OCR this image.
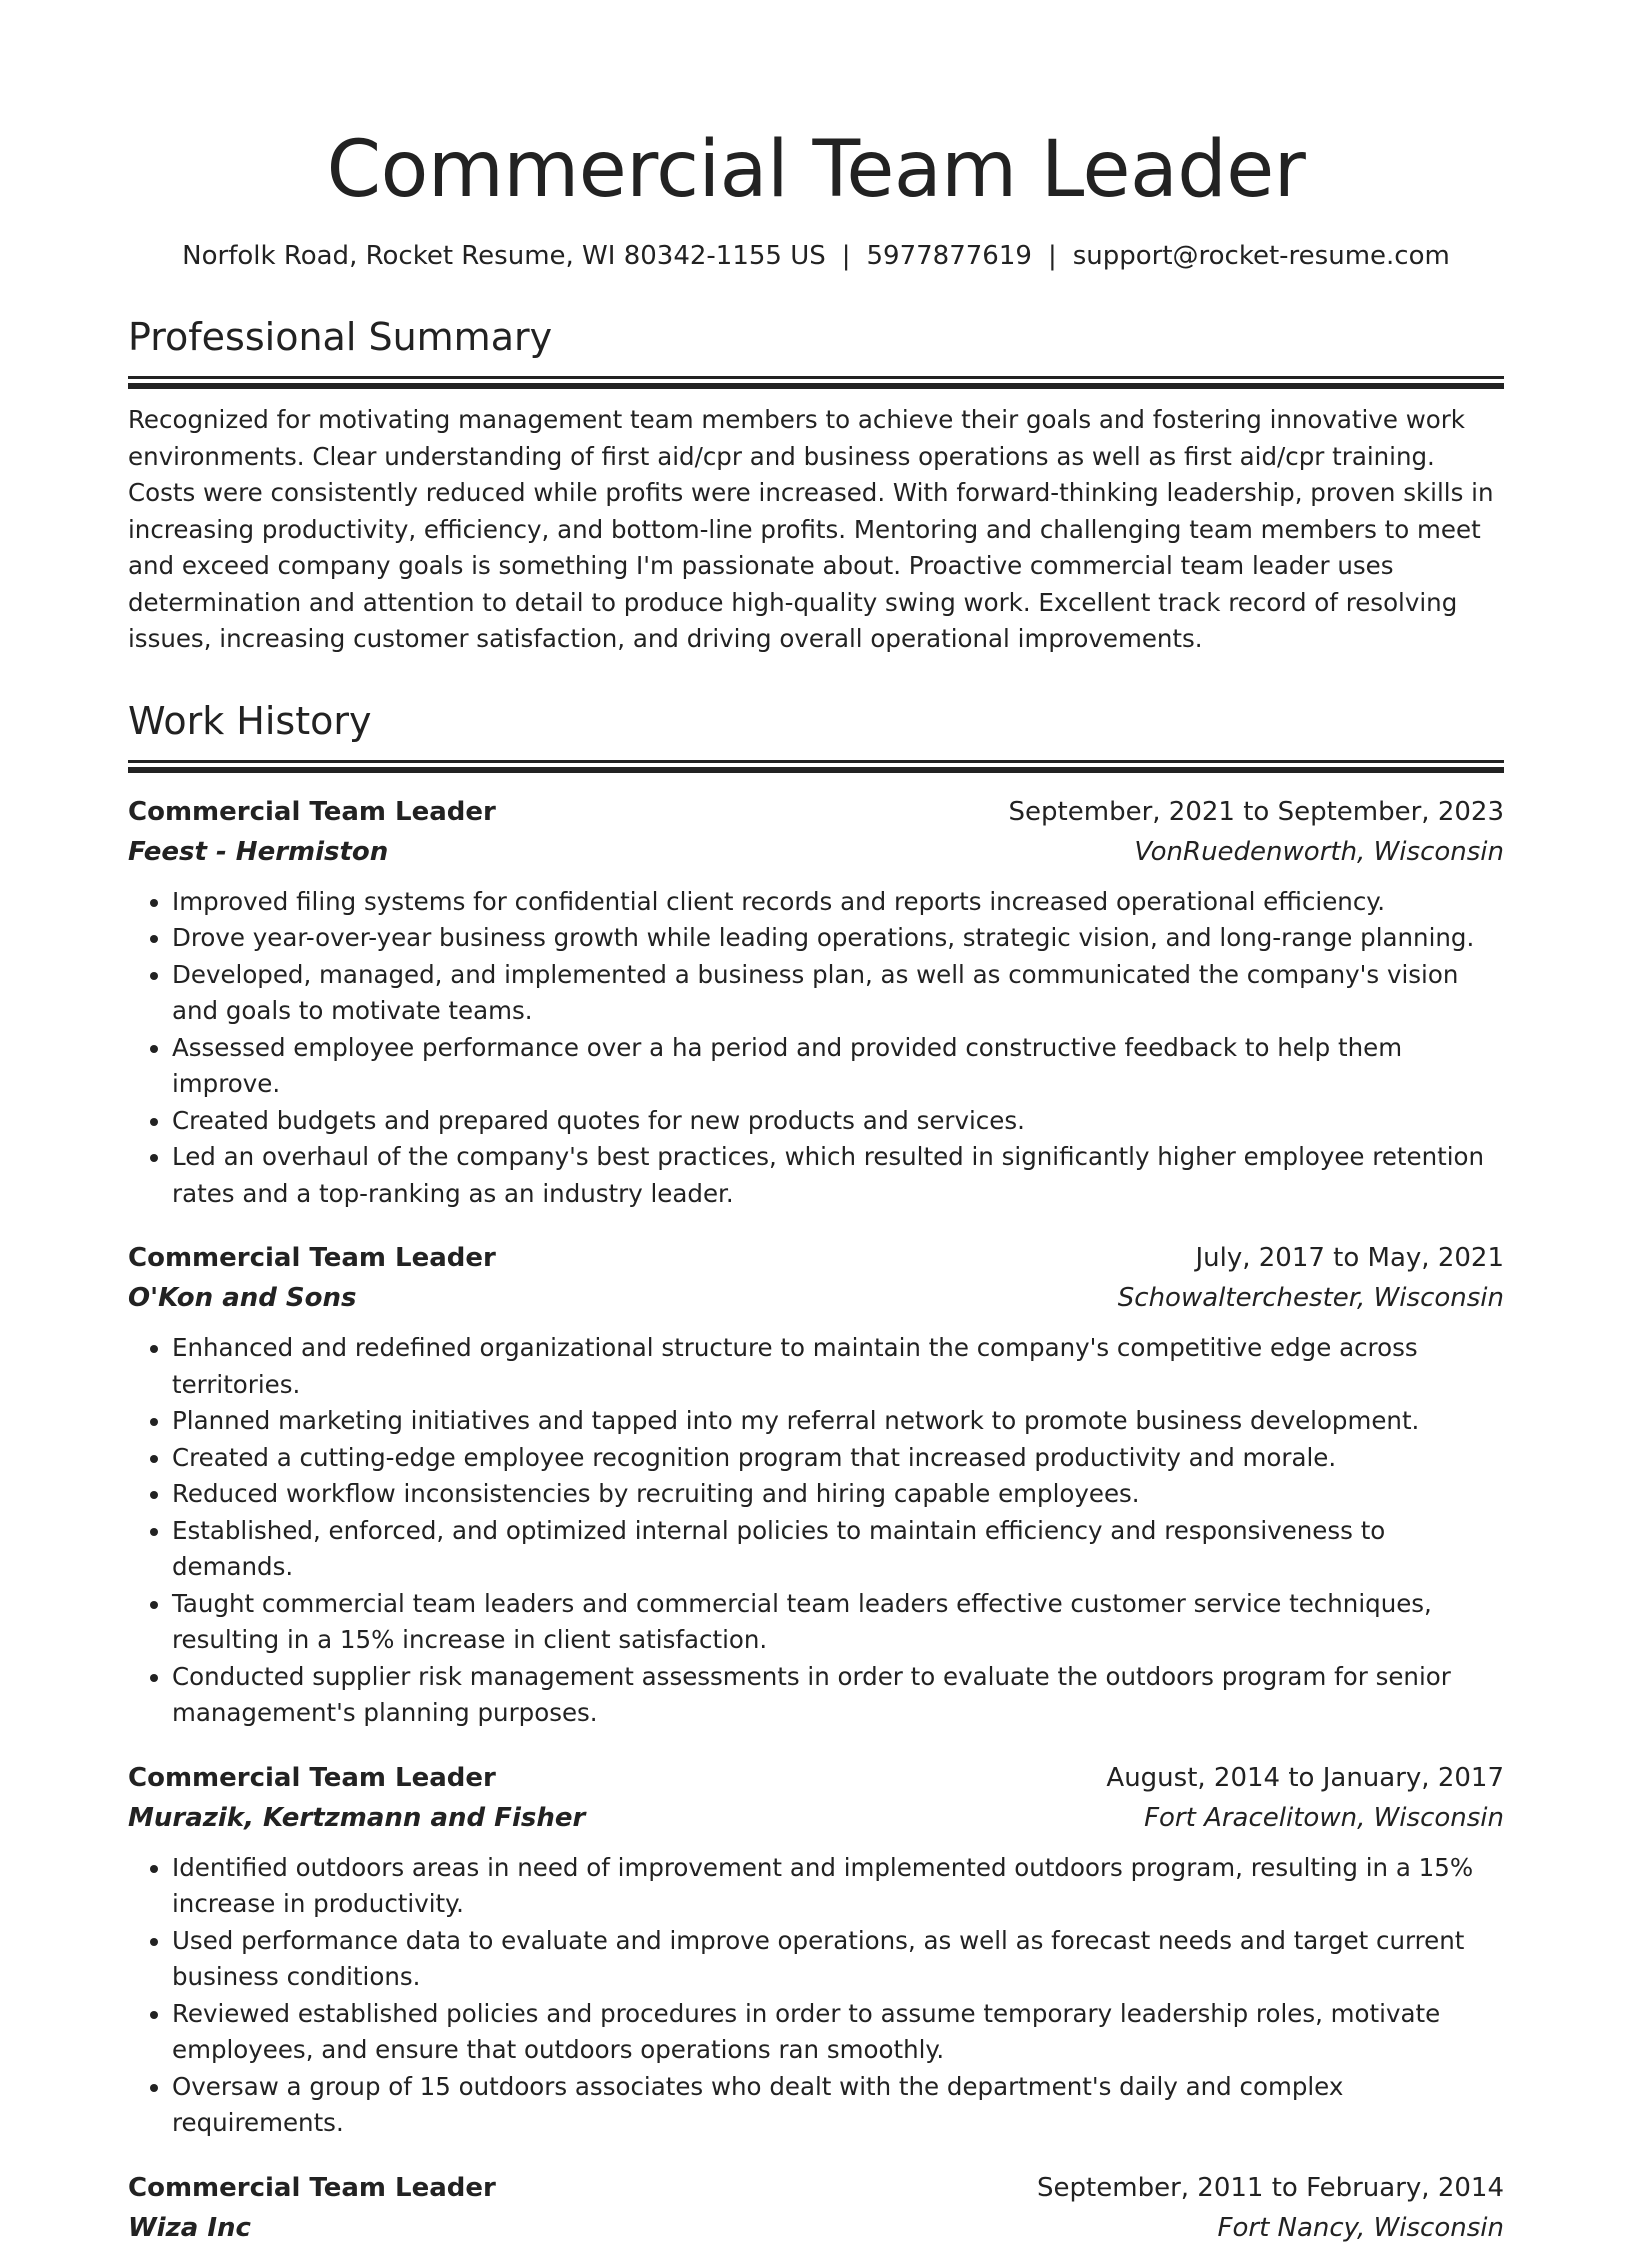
Commercial Team Leader
Norfolk Road, Rocket Resume, WI 80342-1155 US | 5977877619 | support@rocket-resume.com
Professional Summary
Recognized for motivating management team members to achieve their goals and fostering innovative work environments. Clear understanding of first aid/cpr and business operations as well as first aid/cpr training. Costs were consistently reduced while profits were increased. With forward-thinking leadership, proven skills in increasing productivity, efficiency, and bottom-line profits. Mentoring and challenging team members to meet and exceed company goals is something I'm passionate about. Proactive commercial team leader uses determination and attention to detail to produce high-quality swing work. Excellent track record of resolving issues, increasing customer satisfaction, and driving overall operational improvements.
Work History
Commercial Team Leader	September, 2021 to September, 2023
Feest - Hermiston	VonRuedenworth, Wisconsin
• Improved filing systems for confidential client records and reports increased operational efficiency.
• Drove year-over-year business growth while leading operations, strategic vision, and long-range planning.
• Developed, managed, and implemented a business plan, as well as communicated the company's vision and goals to motivate teams.
• Assessed employee performance over a ha period and provided constructive feedback to help them improve.
• Created budgets and prepared quotes for new products and services.
• Led an overhaul of the company's best practices, which resulted in significantly higher employee retention rates and a top-ranking as an industry leader.
Commercial Team Leader	July, 2017 to May, 2021
O'Kon and Sons	Schowalterchester, Wisconsin
• Enhanced and redefined organizational structure to maintain the company's competitive edge across territories.
• Planned marketing initiatives and tapped into my referral network to promote business development.
• Created a cutting-edge employee recognition program that increased productivity and morale.
• Reduced workflow inconsistencies by recruiting and hiring capable employees.
• Established, enforced, and optimized internal policies to maintain efficiency and responsiveness to demands.
• Taught commercial team leaders and commercial team leaders effective customer service techniques, resulting in a 15% increase in client satisfaction.
• Conducted supplier risk management assessments in order to evaluate the outdoors program for senior management's planning purposes.
Commercial Team Leader	August, 2014 to January, 2017
Murazik, Kertzmann and Fisher	Fort Aracelitown, Wisconsin
• Identified outdoors areas in need of improvement and implemented outdoors program, resulting in a 15% increase in productivity.
• Used performance data to evaluate and improve operations, as well as forecast needs and target current business conditions.
• Reviewed established policies and procedures in order to assume temporary leadership roles, motivate employees, and ensure that outdoors operations ran smoothly.
• Oversaw a group of 15 outdoors associates who dealt with the department's daily and complex requirements.
Commercial Team Leader	September, 2011 to February, 2014
Wiza Inc	Fort Nancy, Wisconsin
